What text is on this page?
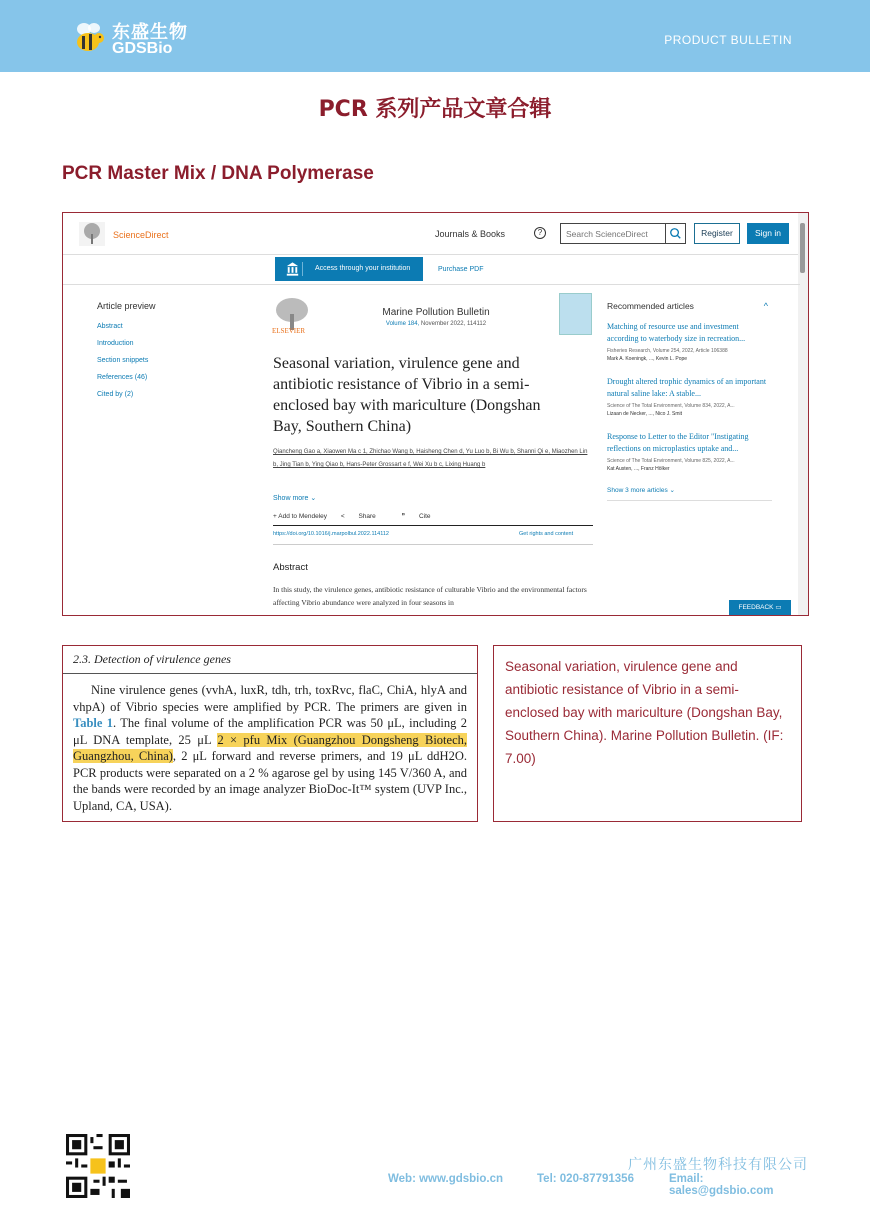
东盛生物
GDSBio	PRODUCT BULLETIN
PCR 系列产品文章合辑
PCR Master Mix / DNA Polymerase
ScienceDirect	Journals & Books	?
Search ScienceDirect	Register	Sign in
Access through your institution	Purchase PDF
Article preview
Abstract
Introduction
Section snippets
References (46)
Cited by (2)
ELSEVIER
Marine Pollution Bulletin
Volume 184, November 2022, 114112
Seasonal variation, virulence gene and antibiotic resistance of Vibrio in a semi-enclosed bay with mariculture (Dongshan Bay, Southern China)
Qiancheng Gao a, Xiaowen Ma c 1, Zhichao Wang b, Haisheng Chen d, Yu Luo b, Bi Wu b, Shanni Qi e, Miaozhen Lin b, Jing Tian b, Ying Qiao b, Hans-Peter Grossart e f, Wei Xu b c, Lixing Huang b
Show more ⌄
+ Add to Mendeley < Share	❞ Cite
https://doi.org/10.1016/j.marpolbul.2022.114112	Get rights and content
Abstract
In this study, the virulence genes, antibiotic resistance of culturable Vibrio and the environmental factors affecting Vibrio abundance were analyzed in four seasons in
Recommended articles	^
Matching of resource use and investment according to waterbody size in recreation...
Fisheries Research, Volume 254, 2022, Article 106388
Mark A. Koeningk, ..., Kevin L. Pope
Drought altered trophic dynamics of an important natural saline lake: A stable...
Science of The Total Environment, Volume 834, 2022, A...
Lizaan de Necker, ..., Nico J. Smit
Response to Letter to the Editor "Instigating reflections on microplastics uptake and...
Science of The Total Environment, Volume 825, 2022, A...
Kat Austen, ..., Franz Hölker
Show 3 more articles ⌄
FEEDBACK ▭
2.3. Detection of virulence genes
Nine virulence genes (vvhA, luxR, tdh, trh, toxRvc, flaC, ChiA, hlyA and vhpA) of Vibrio species were amplified by PCR. The primers are given in Table 1. The final volume of the amplification PCR was 50 μL, including 2 μL DNA template, 25 μL 2 × pfu Mix (Guangzhou Dongsheng Biotech, Guangzhou, China), 2 μL forward and reverse primers, and 19 μL ddH2O. PCR products were separated on a 2 % agarose gel by using 145 V/360 A, and the bands were recorded by an image analyzer BioDoc-It™ system (UVP Inc., Upland, CA, USA).
Seasonal variation, virulence gene and antibiotic resistance of Vibrio in a semi-enclosed bay with mariculture (Dongshan Bay, Southern China). Marine Pollution Bulletin. (IF: 7.00)
广州东盛生物科技有限公司
Web: www.gdsbio.cn	Tel: 020-87791356	Email: sales@gdsbio.com
